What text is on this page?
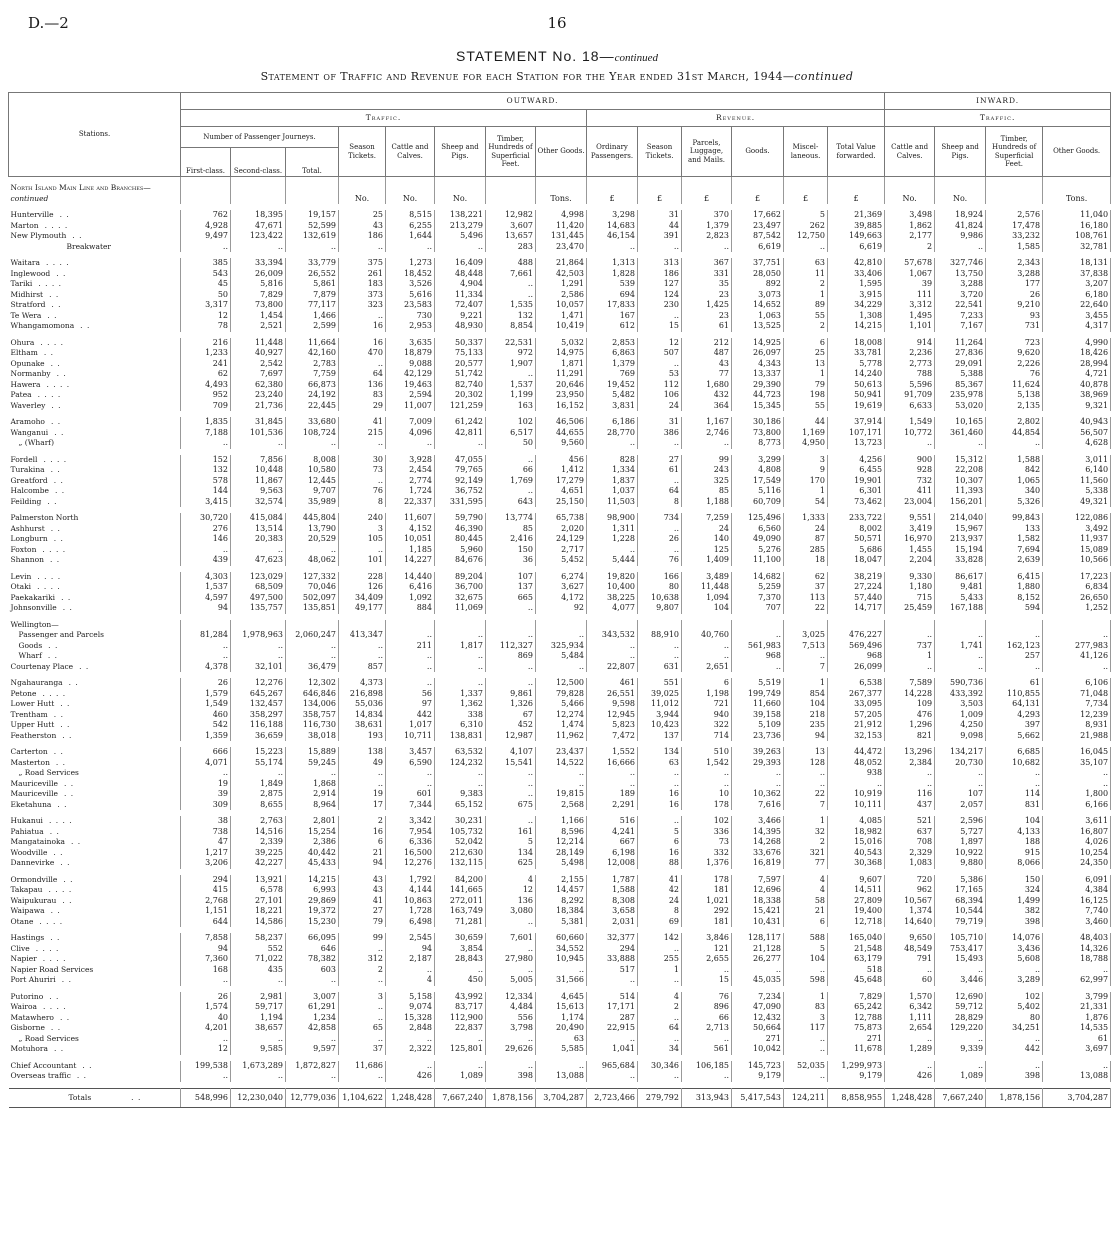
D.—2	16
STATEMENT No. 18—continued
Statement of Traffic and Revenue for each Station for the Year ended 31st March, 1944—continued
Stations.	OUTWARD.														INWARD.			
	Traffic.								Revenue.						Traffic.			
	Number of Passenger Journeys.			Season Tickets.	Cattle and Calves.	Sheep and Pigs.	Timber, Hundreds of Superficial Feet.	Other Goods.	Ordinary Passengers.	Season Tickets.	Parcels, Luggage, and Mails.	Goods.	Miscel-laneous.	Total Value forwarded.	Cattle and Calves.	Sheep and Pigs.	Timber, Hundreds of Superficial Feet.	Other Goods.
	First-class.	Second-class.	Total.															
North Island Main Line and Branches—continued				No.	No.	No.		Tons.	£	£	£	£	£	£	No.	No.		Tons.

Hunterville . .	762	18,395	19,157	25	8,515	138,221	12,982	4,998	3,298	31	370	17,662	5	21,369	3,498	18,924	2,576	11,040
Marton . . . .	4,928	47,671	52,599	43	6,255	213,279	3,607	11,420	14,683	44	1,379	23,497	262	39,885	1,862	41,824	17,478	16,180
New Plymouth . .	9,497	123,422	132,619	186	1,644	5,496	13,657	131,445	46,154	391	2,823	87,542	12,750	149,663	2,177	9,986	33,232	108,761
Breakwater	..	..	..	..	..	..	283	23,470	..	..	..	6,619	..	6,619	2	..	1,585	32,781

Waitara . . . .	385	33,394	33,779	375	1,273	16,409	488	21,864	1,313	313	367	37,751	63	42,810	57,678	327,746	2,343	18,131
Inglewood . .	543	26,009	26,552	261	18,452	48,448	7,661	42,503	1,828	186	331	28,050	11	33,406	1,067	13,750	3,288	37,838
Tariki . . . .	45	5,816	5,861	183	3,526	4,904	..	1,291	539	127	35	892	2	1,595	39	3,288	177	3,207
Midhirst . .	50	7,829	7,879	373	5,616	11,334	..	2,586	694	124	23	3,073	1	3,915	111	3,720	26	6,180
Stratford . .	3,317	73,800	77,117	323	23,583	72,407	1,535	10,057	17,833	230	1,425	14,652	89	34,229	3,312	22,541	9,210	22,640
Te Wera . .	12	1,454	1,466	..	730	9,221	132	1,471	167	..	23	1,063	55	1,308	1,495	7,233	93	3,455
Whangamomona . .	78	2,521	2,599	16	2,953	48,930	8,854	10,419	612	15	61	13,525	2	14,215	1,101	7,167	731	4,317

Ohura . . . .	216	11,448	11,664	16	3,635	50,337	22,531	5,032	2,853	12	212	14,925	6	18,008	914	11,264	723	4,990
Eltham . .	1,233	40,927	42,160	470	18,879	75,133	972	14,975	6,863	507	487	26,097	25	33,781	2,236	27,836	9,620	18,426
Opunake . .	241	2,542	2,783	..	9,088	20,577	1,907	1,871	1,379	..	43	4,343	13	5,778	2,773	29,091	2,226	28,994
Normanby . .	62	7,697	7,759	64	42,129	51,742	..	11,291	769	53	77	13,337	1	14,240	788	5,388	76	4,721
Hawera . . . .	4,493	62,380	66,873	136	19,463	82,740	1,537	20,646	19,452	112	1,680	29,390	79	50,613	5,596	85,367	11,624	40,878
Patea . . . .	952	23,240	24,192	83	2,594	20,302	1,199	23,950	5,482	106	432	44,723	198	50,941	91,709	235,978	5,138	38,969
Waverley . .	709	21,736	22,445	29	11,007	121,259	163	16,152	3,831	24	364	15,345	55	19,619	6,633	53,020	2,135	9,321

Aramoho . .	1,835	31,845	33,680	41	7,009	61,242	102	46,506	6,186	31	1,167	30,186	44	37,914	1,549	10,165	2,802	40,943
Wanganui . .	7,188	101,536	108,724	215	4,096	42,811	6,517	44,655	28,770	386	2,746	73,800	1,169	107,171	10,772	361,460	44,854	56,507
„ (Wharf)	..	..	..	..	..	..	50	9,560	..	..	..	8,773	4,950	13,723	..	..	..	4,628

Fordell . . . .	152	7,856	8,008	30	3,928	47,055	..	456	828	27	99	3,299	3	4,256	900	15,312	1,588	3,011
Turakina . .	132	10,448	10,580	73	2,454	79,765	66	1,412	1,334	61	243	4,808	9	6,455	928	22,208	842	6,140
Greatford . .	578	11,867	12,445	..	2,774	92,149	1,769	17,279	1,837	..	325	17,549	170	19,901	732	10,307	1,065	11,560
Halcombe . .	144	9,563	9,707	76	1,724	36,752	..	4,651	1,037	64	85	5,116	1	6,301	411	11,393	340	5,338
Feilding . .	3,415	32,574	35,989	8	22,337	331,595	643	25,150	11,503	8	1,188	60,709	54	73,462	23,004	156,201	5,326	49,321

Palmerston North	30,720	415,084	445,804	240	11,607	59,790	13,774	65,738	98,900	734	7,259	125,496	1,333	233,722	9,551	214,040	99,843	122,086
Ashhurst . .	276	13,514	13,790	3	4,152	46,390	85	2,020	1,311	..	24	6,560	24	8,002	3,419	15,967	133	3,492
Longburn . .	146	20,383	20,529	105	10,051	80,445	2,416	24,129	1,228	26	140	49,090	87	50,571	16,970	213,937	1,582	11,937
Foxton . . . .	..	..	..	..	1,185	5,960	150	2,717	..	..	125	5,276	285	5,686	1,455	15,194	7,694	15,089
Shannon . .	439	47,623	48,062	101	14,227	84,676	36	5,452	5,444	76	1,409	11,100	18	18,047	2,204	33,828	2,639	10,566

Levin . . . .	4,303	123,029	127,332	228	14,440	89,204	107	6,274	19,820	166	3,489	14,682	62	38,219	9,330	86,617	6,415	17,223
Otaki . . . .	1,537	68,509	70,046	126	6,416	36,700	137	3,627	10,400	80	11,448	5,259	37	27,224	1,180	9,481	1,880	6,834
Paekakariki . .	4,597	497,500	502,097	34,409	1,092	32,675	665	4,172	38,225	10,638	1,094	7,370	113	57,440	715	5,433	8,152	26,650
Johnsonville . .	94	135,757	135,851	49,177	884	11,069	..	92	4,077	9,807	104	707	22	14,717	25,459	167,188	594	1,252

Wellington—																		
Passenger and Parcels	81,284	1,978,963	2,060,247	413,347	..	..	..	..	343,532	88,910	40,760	..	3,025	476,227	..	..	..	..
Goods . .	..	..	..	..	211	1,817	112,327	325,934	..	..	..	561,983	7,513	569,496	737	1,741	162,123	277,983
Wharf . .	..	..	..	..	..	..	869	5,484	..	..	..	968	..	968	1	..	257	41,126
Courtenay Place . .	4,378	32,101	36,479	857	..	..	..	..	22,807	631	2,651	..	7	26,099	..	..	..	..

Ngahauranga . .	26	12,276	12,302	4,373	..	..	..	12,500	461	551	6	5,519	1	6,538	7,589	590,736	61	6,106
Petone . . . .	1,579	645,267	646,846	216,898	56	1,337	9,861	79,828	26,551	39,025	1,198	199,749	854	267,377	14,228	433,392	110,855	71,048
Lower Hutt . .	1,549	132,457	134,006	55,036	97	1,362	1,326	5,466	9,598	11,012	721	11,660	104	33,095	109	3,503	64,131	7,734
Trentham . .	460	358,297	358,757	14,834	442	338	67	12,274	12,945	3,944	940	39,158	218	57,205	476	1,009	4,293	12,239
Upper Hutt . .	542	116,188	116,730	38,631	1,017	6,310	452	1,474	5,823	10,423	322	5,109	235	21,912	1,296	4,250	397	8,931
Featherston . .	1,359	36,659	38,018	193	10,711	138,831	12,987	11,962	7,472	137	714	23,736	94	32,153	821	9,098	5,662	21,988

Carterton . .	666	15,223	15,889	138	3,457	63,532	4,107	23,437	1,552	134	510	39,263	13	44,472	13,296	134,217	6,685	16,045
Masterton . .	4,071	55,174	59,245	49	6,590	124,232	15,541	14,522	16,666	63	1,542	29,393	128	48,052	2,384	20,730	10,682	35,107
„ Road Services	..	..	..	..	..	..	..	..	..	..	..	..	..	938	..	..	..	..
Mauriceville . .	19	1,849	1,868	..	..	..	..	..	..	..	..	..	..	..	..	..	..	..
Mauriceville . .	39	2,875	2,914	19	601	9,383	..	19,815	189	16	10	10,362	22	10,919	116	107	114	1,800
Eketahuna . .	309	8,655	8,964	17	7,344	65,152	675	2,568	2,291	16	178	7,616	7	10,111	437	2,057	831	6,166

Hukanui . . . .	38	2,763	2,801	2	3,342	30,231	..	1,166	516	..	102	3,466	1	4,085	521	2,596	104	3,611
Pahiatua . .	738	14,516	15,254	16	7,954	105,732	161	8,596	4,241	5	336	14,395	32	18,982	637	5,727	4,133	16,807
Mangatainoka . .	47	2,339	2,386	6	6,336	52,042	5	12,214	667	6	73	14,268	2	15,016	708	1,897	188	4,026
Woodville . .	1,217	39,225	40,442	21	16,500	212,630	134	28,149	6,198	16	332	33,676	321	40,543	2,329	10,922	915	10,254
Dannevirke . .	3,206	42,227	45,433	94	12,276	132,115	625	5,498	12,008	88	1,376	16,819	77	30,368	1,083	9,880	8,066	24,350

Ormondville . .	294	13,921	14,215	43	1,792	84,200	4	2,155	1,787	41	178	7,597	4	9,607	720	5,386	150	6,091
Takapau . . . .	415	6,578	6,993	43	4,144	141,665	12	14,457	1,588	42	181	12,696	4	14,511	962	17,165	324	4,384
Waipukurau . .	2,768	27,101	29,869	41	10,863	272,011	136	8,292	8,308	24	1,021	18,338	58	27,809	10,567	68,394	1,499	16,125
Waipawa . .	1,151	18,221	19,372	27	1,728	163,749	3,080	18,384	3,658	8	292	15,421	21	19,400	1,374	10,544	382	7,740
Otane . . . .	644	14,586	15,230	79	6,498	71,281	..	5,381	2,031	69	181	10,431	6	12,718	14,640	79,719	398	3,460

Hastings . .	7,858	58,237	66,095	99	2,545	30,659	7,601	60,660	32,377	142	3,846	128,117	588	165,040	9,650	105,710	14,076	48,403
Clive . . . .	94	552	646	..	94	3,854	..	34,552	294	..	121	21,128	5	21,548	48,549	753,417	3,436	14,326
Napier . . . .	7,360	71,022	78,382	312	2,187	28,843	27,980	10,945	33,888	255	2,655	26,277	104	63,179	791	15,493	5,608	18,788
Napier Road Services	168	435	603	2	..	..	..	..	517	1	..	..	..	518	..	..	..	..
Port Ahuriri . .	..	..	..	..	4	450	5,005	31,566	..	..	15	45,035	598	45,648	60	3,446	3,289	62,997

Putorino . .	26	2,981	3,007	3	5,158	43,992	12,334	4,645	514	4	76	7,234	1	7,829	1,570	12,690	102	3,799
Wairoa . . . .	1,574	59,717	61,291	..	9,074	83,717	4,484	15,613	17,171	2	896	47,090	83	65,242	6,342	59,712	5,402	21,331
Matawhero . .	40	1,194	1,234	..	15,328	112,900	556	1,174	287	..	66	12,432	3	12,788	1,111	28,829	80	1,876
Gisborne . .	4,201	38,657	42,858	65	2,848	22,837	3,798	20,490	22,915	64	2,713	50,664	117	75,873	2,654	129,220	34,251	14,535
„ Road Services	..	..	..	..	..	..	..	63	..	..	..	271	..	271	..	..	..	61
Motuhora . .	12	9,585	9,597	37	2,322	125,801	29,626	5,585	1,041	34	561	10,042	..	11,678	1,289	9,339	442	3,697

Chief Accountant . .	199,538	1,673,289	1,872,827	11,686	..	..	..	..	965,684	30,346	106,185	145,723	52,035	1,299,973	..	..	..	..
Overseas traffic . .	..	..	..	..	426	1,089	398	13,088	..	..	..	9,179	..	9,179	426	1,089	398	13,088

Totals . .	548,996	12,230,040	12,779,036	1,104,622	1,248,428	7,667,240	1,878,156	3,704,287	2,723,466	279,792	313,943	5,417,543	124,211	8,858,955	1,248,428	7,667,240	1,878,156	3,704,287
